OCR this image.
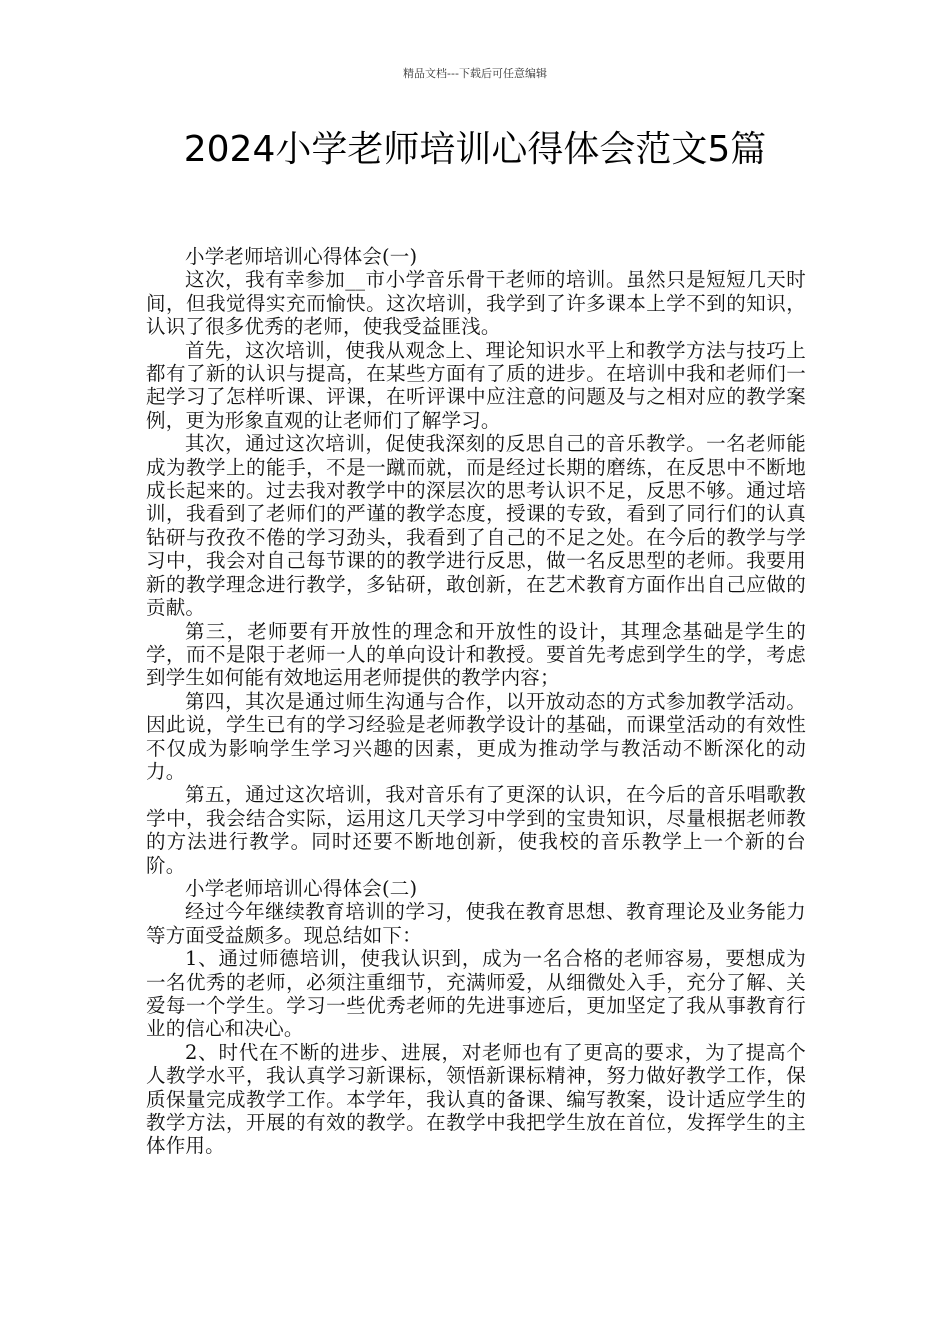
精品文档---下载后可任意编辑
2024小学老师培训心得体会范文5篇

小学老师培训心得体会(一)

这次，我有幸参加__市小学音乐骨干老师的培训。虽然只是短短几天时间，但我觉得实充而愉快。这次培训，我学到了许多课本上学不到的知识，认识了很多优秀的老师，使我受益匪浅。

首先，这次培训，使我从观念上、理论知识水平上和教学方法与技巧上都有了新的认识与提高，在某些方面有了质的进步。在培训中我和老师们一起学习了怎样听课、评课，在听评课中应注意的问题及与之相对应的教学案例，更为形象直观的让老师们了解学习。

其次，通过这次培训，促使我深刻的反思自己的音乐教学。一名老师能成为教学上的能手，不是一蹴而就，而是经过长期的磨练，在反思中不断地成长起来的。过去我对教学中的深层次的思考认识不足，反思不够。通过培训，我看到了老师们的严谨的教学态度，授课的专致，看到了同行们的认真钻研与孜孜不倦的学习劲头，我看到了自己的不足之处。在今后的教学与学习中，我会对自己每节课的的教学进行反思，做一名反思型的老师。我要用新的教学理念进行教学，多钻研，敢创新，在艺术教育方面作出自己应做的贡献。

第三，老师要有开放性的理念和开放性的设计，其理念基础是学生的学，而不是限于老师一人的单向设计和教授。要首先考虑到学生的学，考虑到学生如何能有效地运用老师提供的教学内容；

第四，其次是通过师生沟通与合作，以开放动态的方式参加教学活动。因此说，学生已有的学习经验是老师教学设计的基础，而课堂活动的有效性不仅成为影响学生学习兴趣的因素，更成为推动学与教活动不断深化的动力。

第五，通过这次培训，我对音乐有了更深的认识，在今后的音乐唱歌教学中，我会结合实际，运用这几天学习中学到的宝贵知识，尽量根据老师教的方法进行教学。同时还要不断地创新，使我校的音乐教学上一个新的台阶。

小学老师培训心得体会(二)

经过今年继续教育培训的学习，使我在教育思想、教育理论及业务能力等方面受益颇多。现总结如下：

1、通过师德培训，使我认识到，成为一名合格的老师容易，要想成为一名优秀的老师，必须注重细节，充满师爱，从细微处入手，充分了解、关爱每一个学生。学习一些优秀老师的先进事迹后，更加坚定了我从事教育行业的信心和决心。

2、时代在不断的进步、进展，对老师也有了更高的要求，为了提高个人教学水平，我认真学习新课标，领悟新课标精神，努力做好教学工作，保质保量完成教学工作。本学年，我认真的备课、编写教案，设计适应学生的教学方法，开展的有效的教学。在教学中我把学生放在首位，发挥学生的主体作用。
